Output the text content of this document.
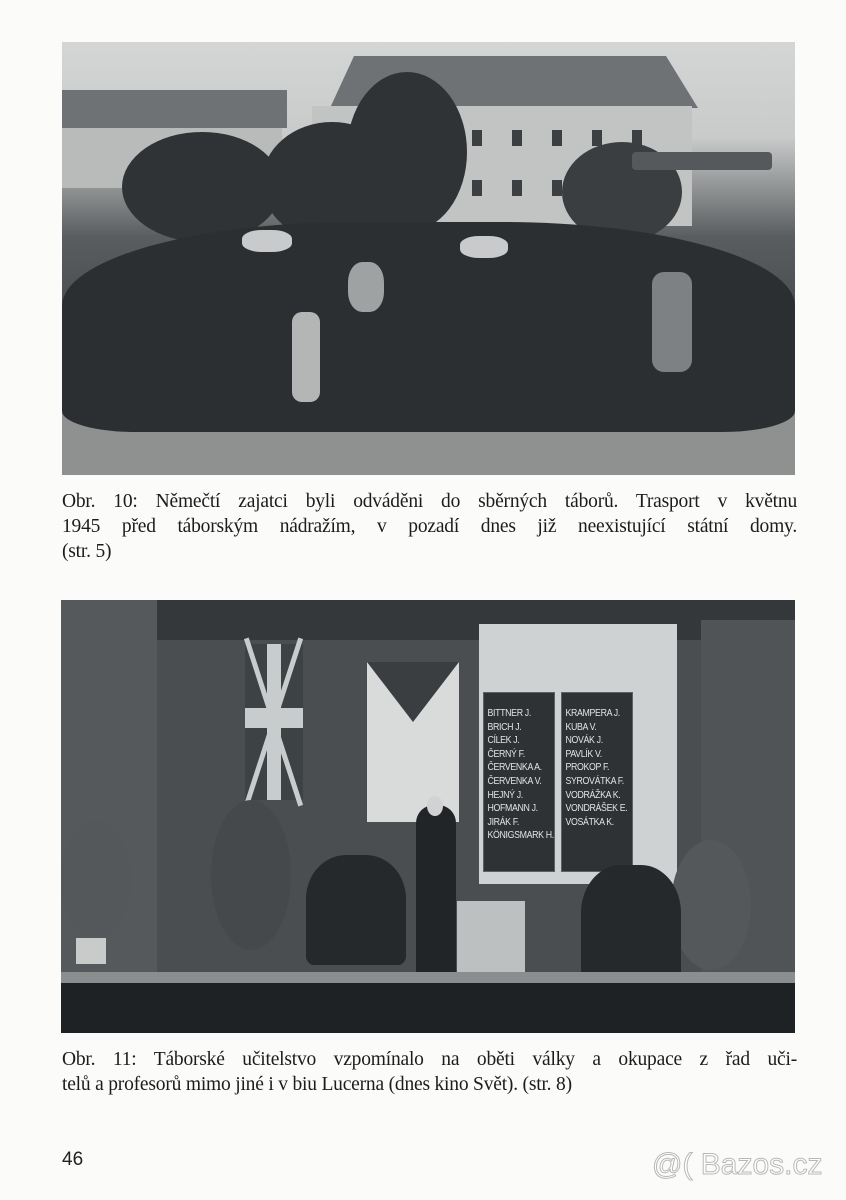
Obr. 10: Němečtí zajatci byli odváděni do sběrných táborů. Trasport v květnu
1945 před táborským nádražím, v pozadí dnes již neexistující státní domy.
(str. 5)
BITTNER J.
BRICH J.
CÍLEK J.
ČERNÝ F.
ČERVENKA A.
ČERVENKA V.
HEJNÝ J.
HOFMANN J.
JIRÁK F.
KÖNIGSMARK H.
KRAMPERA J.
KUBA V.
NOVÁK J.
PAVLÍK V.
PROKOP F.
SYROVÁTKA F.
VODRÁŽKA K.
VONDRÁŠEK E.
VOSÁTKA K.
Obr. 11: Táborské učitelstvo vzpomínalo na oběti války a okupace z řad uči-
telů a profesorů mimo jiné i v biu Lucerna (dnes kino Svět). (str. 8)
46	@( Bazos.cz
